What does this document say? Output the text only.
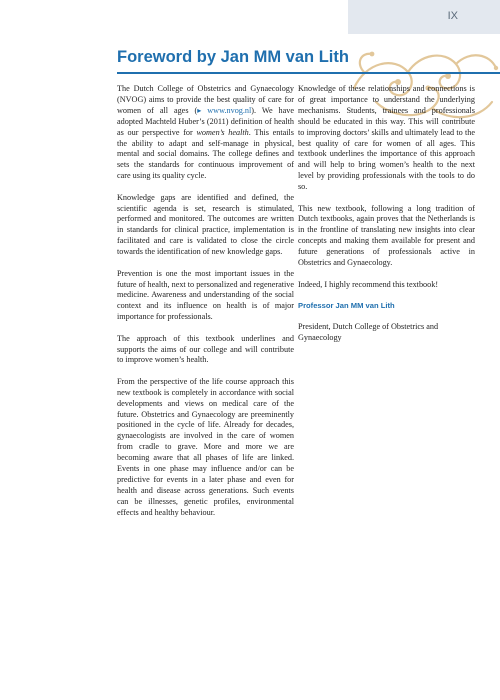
IX
Foreword by Jan MM van Lith

The Dutch College of Obstetrics and Gynaecology (NVOG) aims to provide the best quality of care for women of all ages (▸ www.nvog.nl). We have adopted Machteld Huber’s (2011) definition of health as our perspective for women’s health. This entails the ability to adapt and self-manage in physical, mental and social domains. The college defines and sets the standards for continuous improvement of care using its quality cycle.

Knowledge gaps are identified and defined, the scientific agenda is set, research is stimulated, performed and monitored. The outcomes are written in standards for clinical practice, implementation is facilitated and care is validated to close the circle towards the identification of new knowledge gaps.

Prevention is one the most important issues in the future of health, next to personalized and regenerative medicine. Awareness and understanding of the social context and its influence on health is of major importance for professionals.

The approach of this textbook underlines and supports the aims of our college and will contribute to improve women’s health.

From the perspective of the life course approach this new textbook is completely in accordance with social developments and views on medical care of the future. Obstetrics and Gynaecology are preeminently positioned in the cycle of life. Already for decades, gynaecologists are involved in the care of women from cradle to grave. More and more we are becoming aware that all phases of life are linked. Events in one phase may influence and/or can be predictive for events in a later phase and even for health and disease across generations. Such events can be illnesses, genetic profiles, environmental effects and healthy behaviour.

Knowledge of these relationships and connections is of great importance to understand the underlying mechanisms. Students, trainees and professionals should be educated in this way. This will contribute to improving doctors’ skills and ultimately lead to the best quality of care for women of all ages. This textbook underlines the importance of this approach and will help to bring women’s health to the next level by providing professionals with the tools to do so.

This new textbook, following a long tradition of Dutch textbooks, again proves that the Netherlands is in the frontline of translating new insights into clear concepts and making them available for present and future generations of professionals active in Obstetrics and Gynaecology.

Indeed, I highly recommend this textbook!

Professor Jan MM van Lith

President, Dutch College of Obstetrics and Gynaecology
